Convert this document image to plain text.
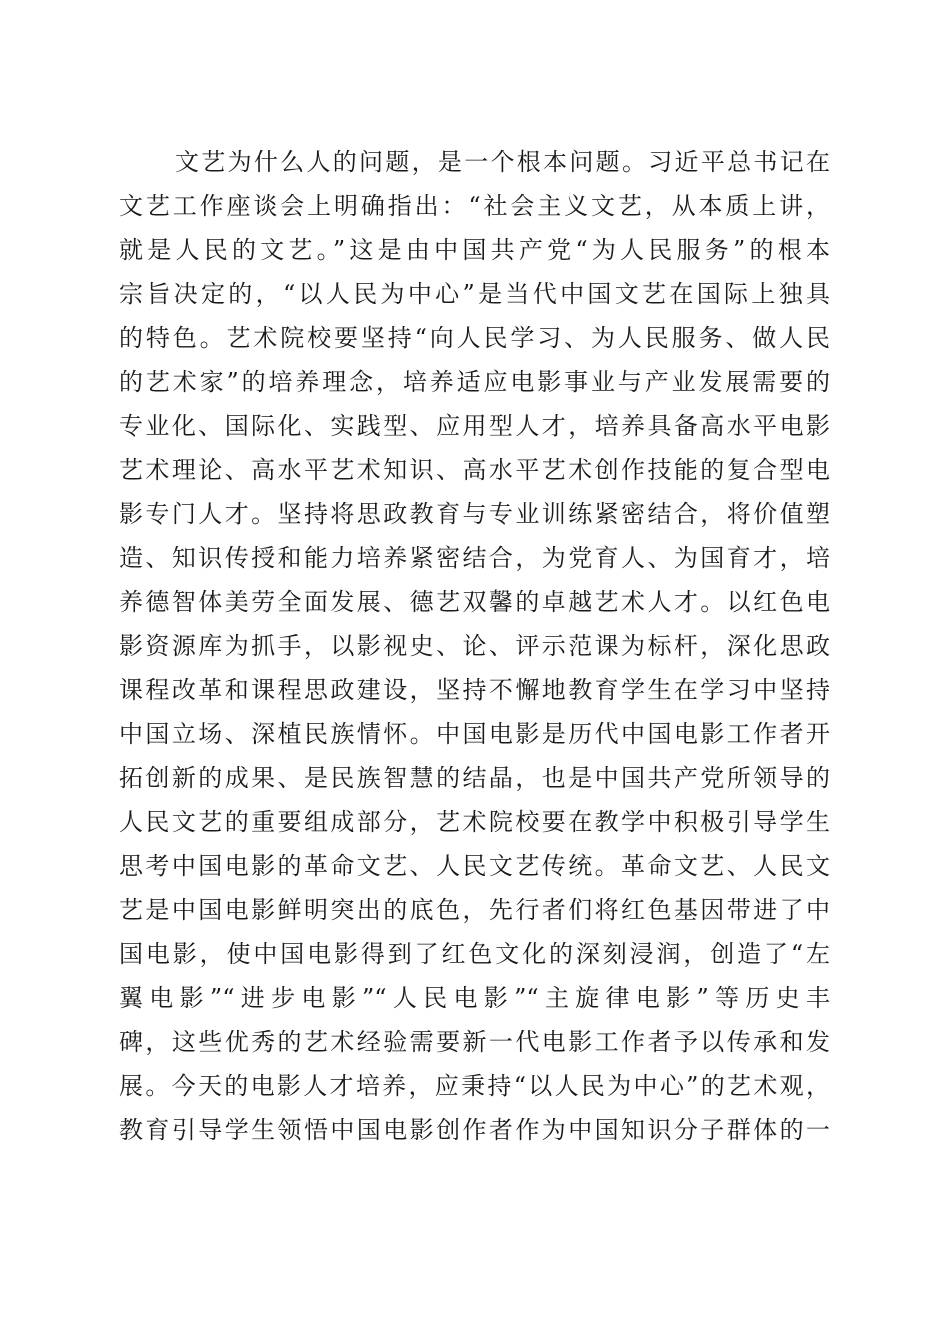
文艺为什么人的问题，是一个根本问题。习近平总书记在
文艺工作座谈会上明确指出：“社会主义文艺，从本质上讲，
就是人民的文艺。”这是由中国共产党“为人民服务”的根本
宗旨决定的，“以人民为中心”是当代中国文艺在国际上独具
的特色。艺术院校要坚持“向人民学习、为人民服务、做人民
的艺术家”的培养理念，培养适应电影事业与产业发展需要的
专业化、国际化、实践型、应用型人才，培养具备高水平电影
艺术理论、高水平艺术知识、高水平艺术创作技能的复合型电
影专门人才。坚持将思政教育与专业训练紧密结合，将价值塑
造、知识传授和能力培养紧密结合，为党育人、为国育才，培
养德智体美劳全面发展、德艺双馨的卓越艺术人才。以红色电
影资源库为抓手，以影视史、论、评示范课为标杆，深化思政
课程改革和课程思政建设，坚持不懈地教育学生在学习中坚持
中国立场、深植民族情怀。中国电影是历代中国电影工作者开
拓创新的成果、是民族智慧的结晶，也是中国共产党所领导的
人民文艺的重要组成部分，艺术院校要在教学中积极引导学生
思考中国电影的革命文艺、人民文艺传统。革命文艺、人民文
艺是中国电影鲜明突出的底色，先行者们将红色基因带进了中
国电影，使中国电影得到了红色文化的深刻浸润，创造了“左
翼电影”“进步电影”“人民电影”“主旋律电影”等历史丰
碑，这些优秀的艺术经验需要新一代电影工作者予以传承和发
展。今天的电影人才培养，应秉持“以人民为中心”的艺术观，
教育引导学生领悟中国电影创作者作为中国知识分子群体的一
